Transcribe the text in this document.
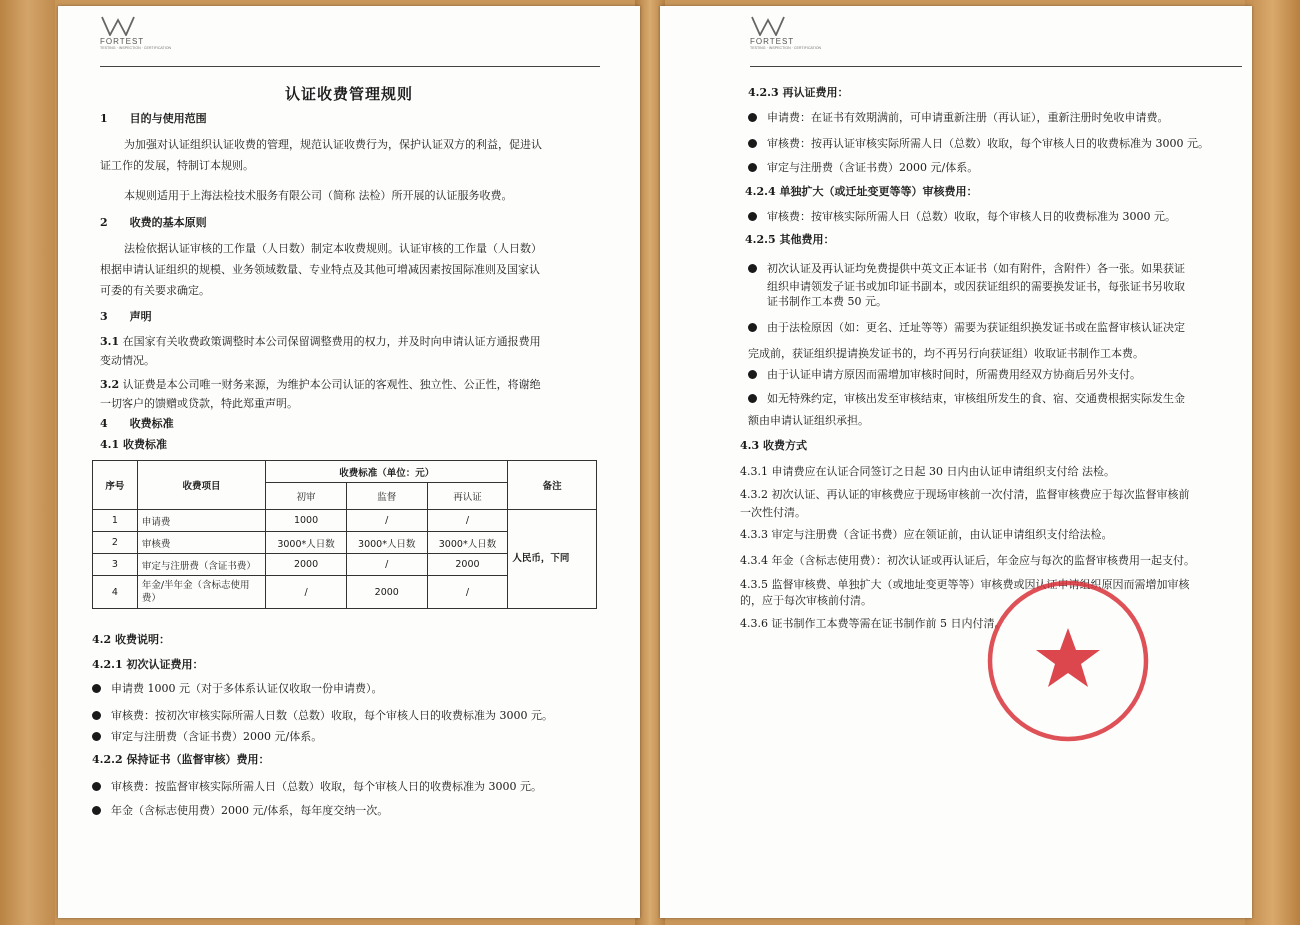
FORTEST
TESTING · INSPECTION · CERTIFICATION
认证收费管理规则
1　　目的与使用范围
为加强对认证组织认证收费的管理，规范认证收费行为，保护认证双方的利益，促进认
证工作的发展，特制订本规则。
本规则适用于上海法检技术服务有限公司（简称 法检）所开展的认证服务收费。
2　　收费的基本原则
法检依据认证审核的工作量（人日数）制定本收费规则。认证审核的工作量（人日数）
根据申请认证组织的规模、业务领域数量、专业特点及其他可增减因素按国际准则及国家认
可委的有关要求确定。
3　　声明
3.1 在国家有关收费政策调整时本公司保留调整费用的权力，并及时向申请认证方通报费用
变动情况。
3.2 认证费是本公司唯一财务来源，为维护本公司认证的客观性、独立性、公正性，将谢绝
一切客户的馈赠或贷款，特此郑重声明。
4　　收费标准
4.1 收费标准
序号	收费项目	收费标准（单位：元）			备注
		初审	监督	再认证	
1	申请费	1000	/	/	人民币，下同
2	审核费	3000*人日数	3000*人日数	3000*人日数	
3	审定与注册费（含证书费）	2000	/	2000	
4	年金/半年金（含标志使用费）	/	2000	/	
4.2 收费说明：
4.2.1 初次认证费用：
申请费 1000 元（对于多体系认证仅收取一份申请费）。
审核费：按初次审核实际所需人日数（总数）收取，每个审核人日的收费标准为 3000 元。
审定与注册费（含证书费）2000 元/体系。
4.2.2 保持证书（监督审核）费用：
审核费：按监督审核实际所需人日（总数）收取，每个审核人日的收费标准为 3000 元。
年金（含标志使用费）2000 元/体系，每年度交纳一次。
FORTEST
TESTING · INSPECTION · CERTIFICATION
4.2.3 再认证费用：
申请费：在证书有效期满前，可申请重新注册（再认证），重新注册时免收申请费。
审核费：按再认证审核实际所需人日（总数）收取，每个审核人日的收费标准为 3000 元。
审定与注册费（含证书费）2000 元/体系。
4.2.4 单独扩大（或迁址变更等等）审核费用：
审核费：按审核实际所需人日（总数）收取，每个审核人日的收费标准为 3000 元。
4.2.5 其他费用：
初次认证及再认证均免费提供中英文正本证书（如有附件，含附件）各一张。如果获证
组织申请领发子证书或加印证书副本，或因获证组织的需要换发证书，每张证书另收取
证书制作工本费 50 元。
由于法检原因（如：更名、迁址等等）需要为获证组织换发证书或在监督审核认证决定
完成前，获证组织提请换发证书的，均不再另行向获证组）收取证书制作工本费。
由于认证申请方原因而需增加审核时间时，所需费用经双方协商后另外支付。
如无特殊约定，审核出发至审核结束，审核组所发生的食、宿、交通费根据实际发生金
额由申请认证组织承担。
4.3 收费方式
4.3.1 申请费应在认证合同签订之日起 30 日内由认证申请组织支付给 法检。
4.3.2 初次认证、再认证的审核费应于现场审核前一次付清，监督审核费应于每次监督审核前
一次性付清。
4.3.3 审定与注册费（含证书费）应在领证前，由认证申请组织支付给法检。
4.3.4 年金（含标志使用费）：初次认证或再认证后，年金应与每次的监督审核费用一起支付。
4.3.5 监督审核费、单独扩大（或地址变更等等）审核费或因认证申请组织原因而需增加审核
的，应于每次审核前付清。
4.3.6 证书制作工本费等需在证书制作前 5 日内付清。
